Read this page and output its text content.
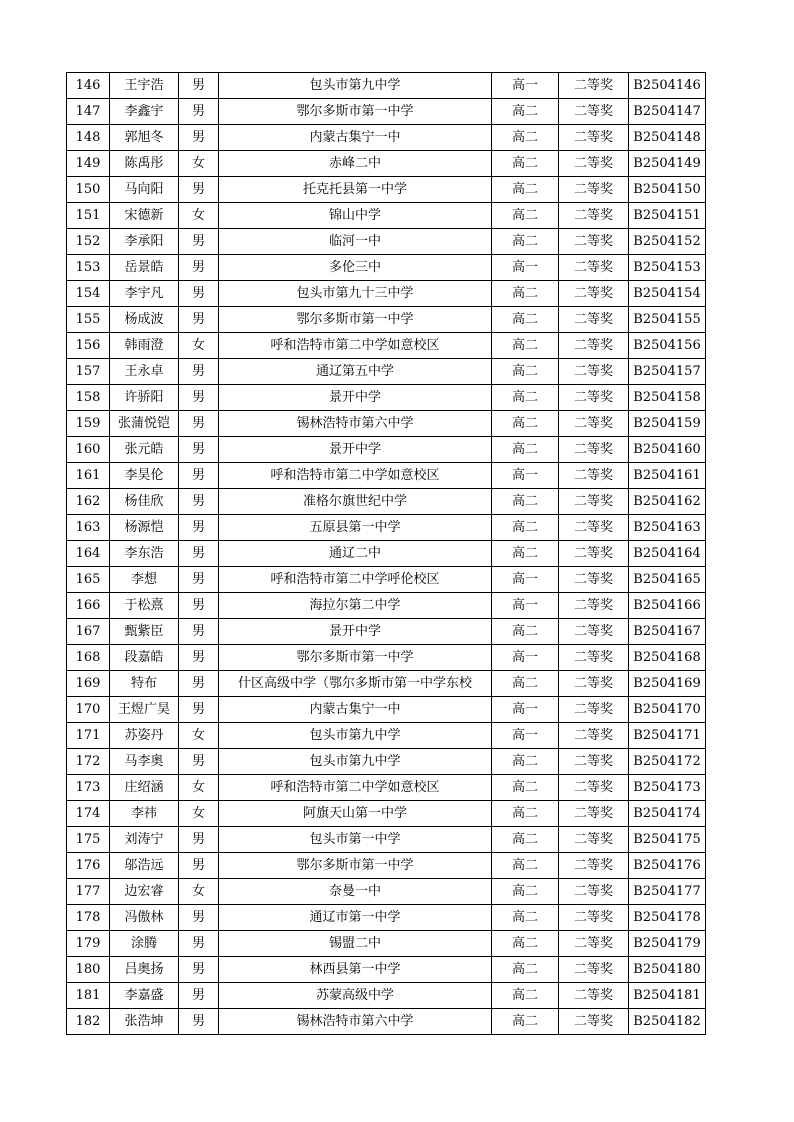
146	王宇浩	男	包头市第九中学	高一	二等奖	B2504146
147	李鑫宇	男	鄂尔多斯市第一中学	高二	二等奖	B2504147
148	郭旭冬	男	内蒙古集宁一中	高二	二等奖	B2504148
149	陈禹彤	女	赤峰二中	高二	二等奖	B2504149
150	马向阳	男	托克托县第一中学	高二	二等奖	B2504150
151	宋德新	女	锦山中学	高二	二等奖	B2504151
152	李承阳	男	临河一中	高二	二等奖	B2504152
153	岳景皓	男	多伦三中	高一	二等奖	B2504153
154	李宇凡	男	包头市第九十三中学	高二	二等奖	B2504154
155	杨成波	男	鄂尔多斯市第一中学	高二	二等奖	B2504155
156	韩雨澄	女	呼和浩特市第二中学如意校区	高二	二等奖	B2504156
157	王永卓	男	通辽第五中学	高二	二等奖	B2504157
158	许骄阳	男	景开中学	高二	二等奖	B2504158
159	张蒲悦铠	男	锡林浩特市第六中学	高二	二等奖	B2504159
160	张元皓	男	景开中学	高二	二等奖	B2504160
161	李昊伦	男	呼和浩特市第二中学如意校区	高一	二等奖	B2504161
162	杨佳欣	男	准格尔旗世纪中学	高二	二等奖	B2504162
163	杨源恺	男	五原县第一中学	高二	二等奖	B2504163
164	李东浩	男	通辽二中	高二	二等奖	B2504164
165	李想	男	呼和浩特市第二中学呼伦校区	高一	二等奖	B2504165
166	于松熹	男	海拉尔第二中学	高一	二等奖	B2504166
167	甄紫臣	男	景开中学	高二	二等奖	B2504167
168	段嘉皓	男	鄂尔多斯市第一中学	高一	二等奖	B2504168
169	特布	男	什区高级中学（鄂尔多斯市第一中学东校	高二	二等奖	B2504169
170	王煜广昊	男	内蒙古集宁一中	高一	二等奖	B2504170
171	苏姿丹	女	包头市第九中学	高一	二等奖	B2504171
172	马李奥	男	包头市第九中学	高二	二等奖	B2504172
173	庄绍涵	女	呼和浩特市第二中学如意校区	高二	二等奖	B2504173
174	李祎	女	阿旗天山第一中学	高二	二等奖	B2504174
175	刘涛宁	男	包头市第一中学	高二	二等奖	B2504175
176	邬浩远	男	鄂尔多斯市第一中学	高二	二等奖	B2504176
177	边宏睿	女	奈曼一中	高二	二等奖	B2504177
178	冯傲林	男	通辽市第一中学	高二	二等奖	B2504178
179	涂腾	男	锡盟二中	高二	二等奖	B2504179
180	吕奥扬	男	林西县第一中学	高二	二等奖	B2504180
181	李嘉盛	男	苏蒙高级中学	高二	二等奖	B2504181
182	张浩坤	男	锡林浩特市第六中学	高二	二等奖	B2504182
